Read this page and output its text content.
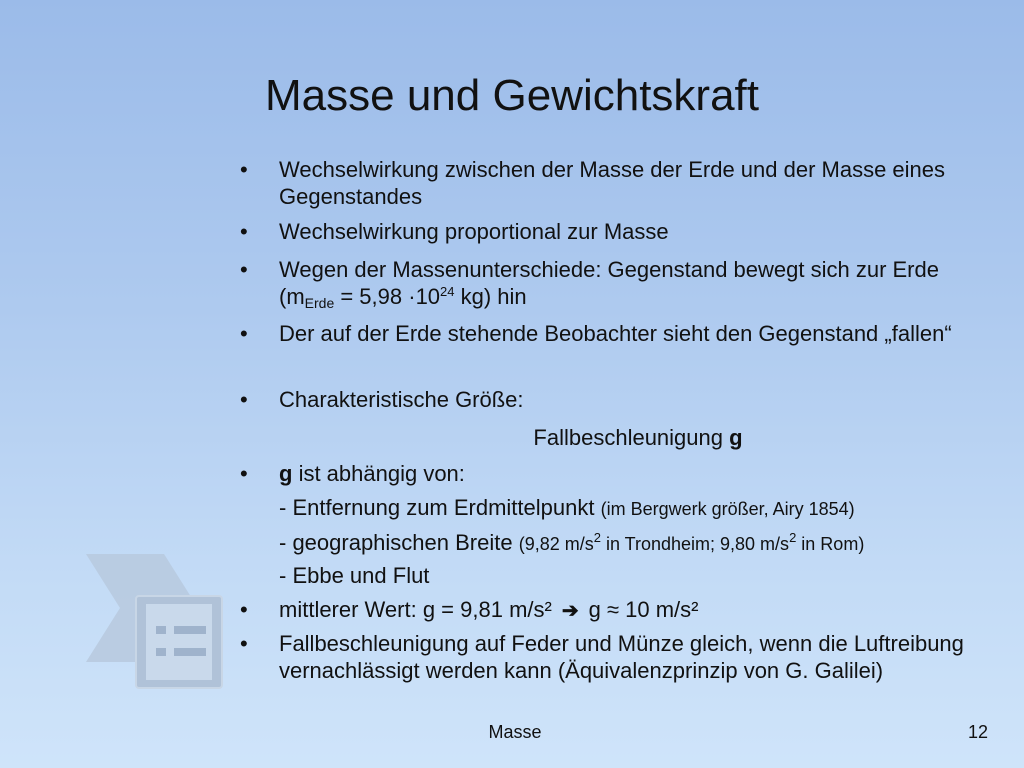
Masse und Gewichtskraft
•	Wechselwirkung zwischen der Masse der Erde und der Masse eines Gegenstandes
•	Wechselwirkung proportional zur Masse
•	Wegen der Massenunterschiede: Gegenstand bewegt sich zur Erde ($m_{Erde} = 5,98 \cdot 10^{24}$ kg) hin
•	Der auf der Erde stehende Beobachter sieht den Gegenstand „fallen“
•	Charakteristische Größe:
Fallbeschleunigung g
•	g ist abhängig von:
- Entfernung zum Erdmittelpunkt (im Bergwerk größer, Airy 1854)
- geographischen Breite (9,82 $m/s^2$ in Trondheim; 9,80 $m/s^2$ in Rom)
- Ebbe und Flut
•	mittlerer Wert: g = 9,81 m/s² ➔ g ≈ 10 m/s²
•	Fallbeschleunigung auf Feder und Münze gleich, wenn die Luftreibung vernachlässigt werden kann (Äquivalenzprinzip von G. Galilei)
Masse	12
